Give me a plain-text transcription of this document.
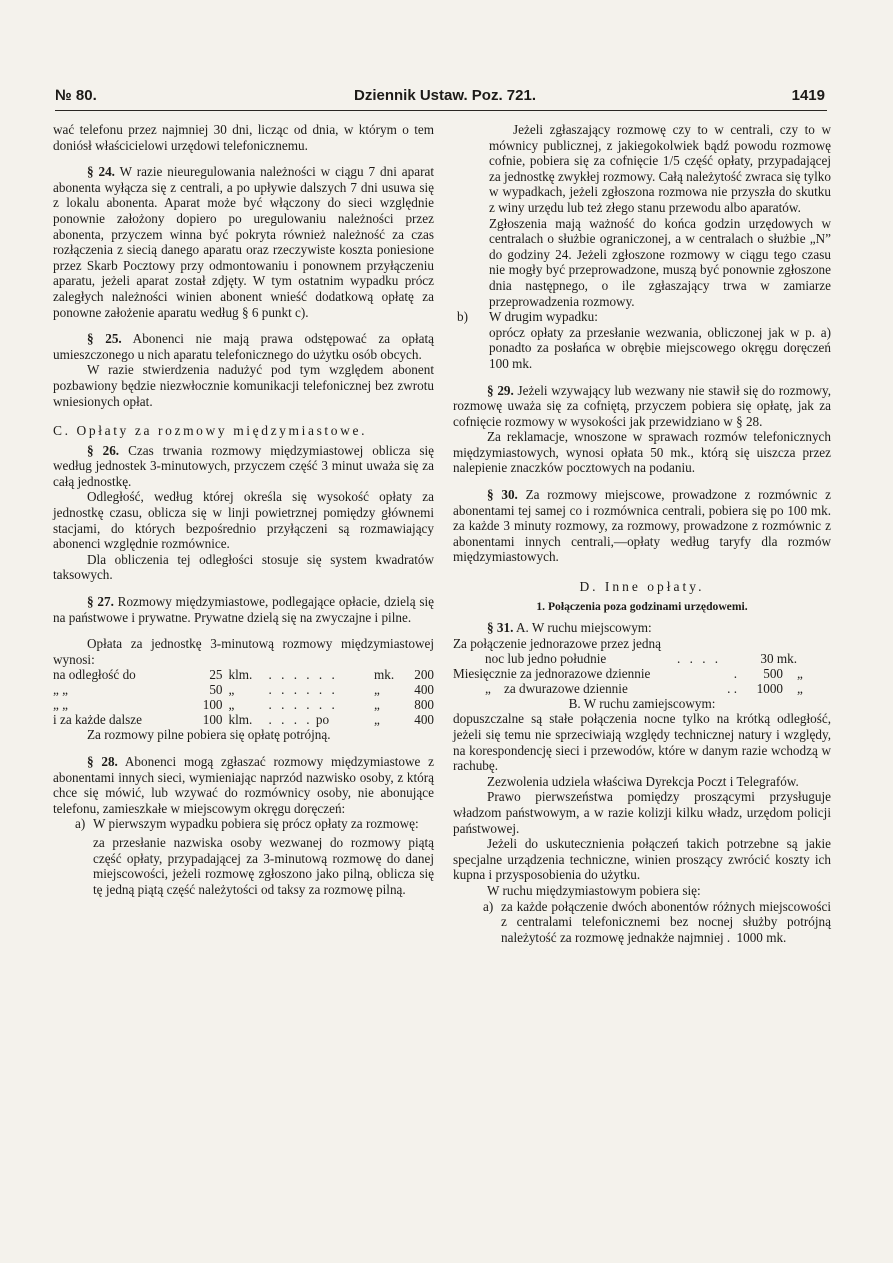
№ 80.	Dziennik Ustaw. Poz. 721.	1419

wać telefonu przez najmniej 30 dni, licząc od dnia, w którym o tem doniósł właścicielowi urzędowi telefonicznemu.

§ 24. W razie nieuregulowania należności w ciągu 7 dni aparat abonenta wyłącza się z centrali, a po upływie dalszych 7 dni usuwa się z lokalu abonenta. Aparat może być włączony do sieci względnie ponownie założony dopiero po uregulowaniu należności przez abonenta, przyczem winna być pokryta również należność za czas rozłączenia z siecią danego aparatu oraz rzeczywiste koszta poniesione przez Skarb Pocztowy przy odmontowaniu i ponownem przyłączeniu aparatu, jeżeli aparat został zdjęty. W tym ostatnim wypadku prócz zaległych należności winien abonent wnieść dodatkową opłatę za ponowne założenie aparatu według § 6 punkt c).

§ 25. Abonenci nie mają prawa odstępować za opłatą umieszczonego u nich aparatu telefonicznego do użytku osób obcych.

W razie stwierdzenia nadużyć pod tym względem abonent pozbawiony będzie niezwłocznie komunikacji telefonicznej bez zwrotu wniesionych opłat.

C. Opłaty za rozmowy międzymiastowe.

§ 26. Czas trwania rozmowy międzymiastowej oblicza się według jednostek 3-minutowych, przyczem część 3 minut uważa się za całą jednostkę.

Odległość, według której określa się wysokość opłaty za jednostkę czasu, oblicza się w linji powietrznej pomiędzy głównemi stacjami, do których bezpośrednio przyłączeni są rozmawiający abonenci względnie rozmównice.

Dla obliczenia tej odległości stosuje się system kwadratów taksowych.

§ 27. Rozmowy międzymiastowe, podlegające opłacie, dzielą się na państwowe i prywatne. Prywatne dzielą się na zwyczajne i pilne.

Opłata za jednostkę 3-minutową rozmowy międzymiastowej wynosi:

na odległość do	25	klm.	. . . . . .	mk.	200
„ „	50	„	. . . . . .	„	400
„ „	100	„	. . . . . .	„	800
i za każde dalsze	100	klm.	. . . . po	„	400

Za rozmowy pilne pobiera się opłatę potrójną.

§ 28. Abonenci mogą zgłaszać rozmowy międzymiastowe z abonentami innych sieci, wymieniając naprzód nazwisko osoby, z którą chce się mówić, lub wzywać do rozmównicy osoby, nie abonujące telefonu, zamieszkałe w miejscowym okręgu doręczeń:

a) W pierwszym wypadku pobiera się prócz opłaty za rozmowę:

za przesłanie nazwiska osoby wezwanej do rozmowy piątą część opłaty, przypadającej za 3-minutową rozmowę do danej miejscowości, jeżeli rozmowę zgłoszono jako pilną, oblicza się tę jedną piątą część należytości od taksy za rozmowę pilną.

Jeżeli zgłaszający rozmowę czy to w centrali, czy to w mównicy publicznej, z jakiegokolwiek bądź powodu rozmowę cofnie, pobiera się za cofnięcie 1/5 część opłaty, przypadającej za jednostkę zwykłej rozmowy. Całą należytość zwraca się tylko w wypadkach, jeżeli zgłoszona rozmowa nie przyszła do skutku z winy urzędu lub też złego stanu przewodu albo aparatów.

Zgłoszenia mają ważność do końca godzin urzędowych w centralach o służbie ograniczonej, a w centralach o służbie „N” do godziny 24. Jeżeli zgłoszone rozmowy w ciągu tego czasu nie mogły być przeprowadzone, muszą być ponownie zgłoszone dnia następnego, o ile zgłaszający trwa w zamiarze przeprowadzenia rozmowy.

b)	W drugim wypadku:

oprócz opłaty za przesłanie wezwania, obliczonej jak w p. a) ponadto za posłańca w obrębie miejscowego okręgu doręczeń 100 mk.

§ 29. Jeżeli wzywający lub wezwany nie stawił się do rozmowy, rozmowę uważa się za cofniętą, przyczem pobiera się opłatę, jak za cofnięcie rozmowy w wysokości jak przewidziano w § 28.

Za reklamacje, wnoszone w sprawach rozmów telefonicznych międzymiastowych, wynosi opłata 50 mk., którą się uiszcza przez nalepienie znaczków pocztowych na podaniu.

§ 30. Za rozmowy miejscowe, prowadzone z rozmównic z abonentami tej samej co i rozmównica centrali, pobiera się po 100 mk. za każde 3 minuty rozmowy, za rozmowy, prowadzone z rozmównic z abonentami innych centrali,—opłaty według taryfy dla rozmów międzymiastowych.

D. Inne opłaty.

1. Połączenia poza godzinami urzędowemi.

§ 31. A. W ruchu miejscowym:

Za połączenie jednorazowe przez jedną			
noc lub jedno południe	. . . .	30 mk.	
Miesięcznie za jednorazowe dziennie	.	500	„
„ za dwurazowe dziennie	. .	1000	„

B. W ruchu zamiejscowym:

dopuszczalne są stałe połączenia nocne tylko na krótką odległość, jeżeli się temu nie sprzeciwiają względy technicznej natury i względy, na korespondencję sieci i przewodów, które w danym razie wchodzą w rachubę.

Zezwolenia udziela właściwa Dyrekcja Poczt i Telegrafów.

Prawo pierwszeństwa pomiędzy proszącymi przysługuje władzom państwowym, a w razie kolizji kilku władz, urzędom policji państwowej.

Jeżeli do uskutecznienia połączeń takich potrzebne są jakie specjalne urządzenia techniczne, winien proszący zwrócić koszty ich kupna i przysposobienia do użytku.

W ruchu międzymiastowym pobiera się:

a) za każde połączenie dwóch abonentów różnych miejscowości z centralami telefonicznemi bez nocnej służby potrójną należytość za rozmowę jednakże najmniej . 1000 mk.
